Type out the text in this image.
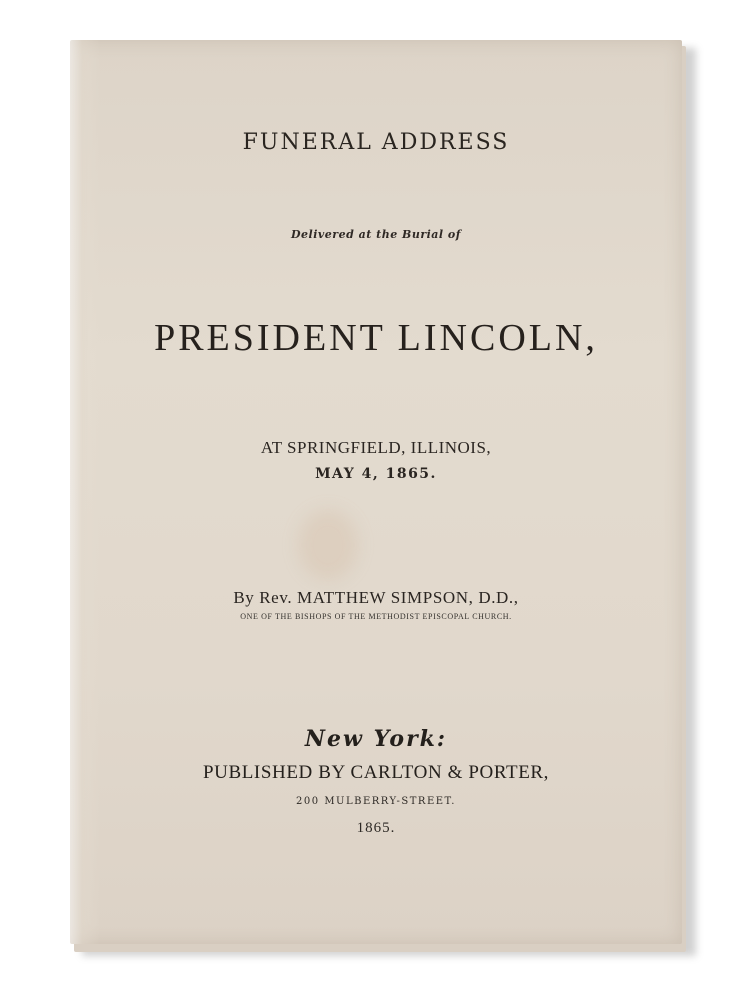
FUNERAL ADDRESS
Delivered at the Burial of
PRESIDENT LINCOLN,
AT SPRINGFIELD, ILLINOIS,
MAY 4, 1865.
By Rev. MATTHEW SIMPSON, D.D.,
ONE OF THE BISHOPS OF THE METHODIST EPISCOPAL CHURCH.
New York:
PUBLISHED BY CARLTON & PORTER,
200 MULBERRY-STREET.
1865.
